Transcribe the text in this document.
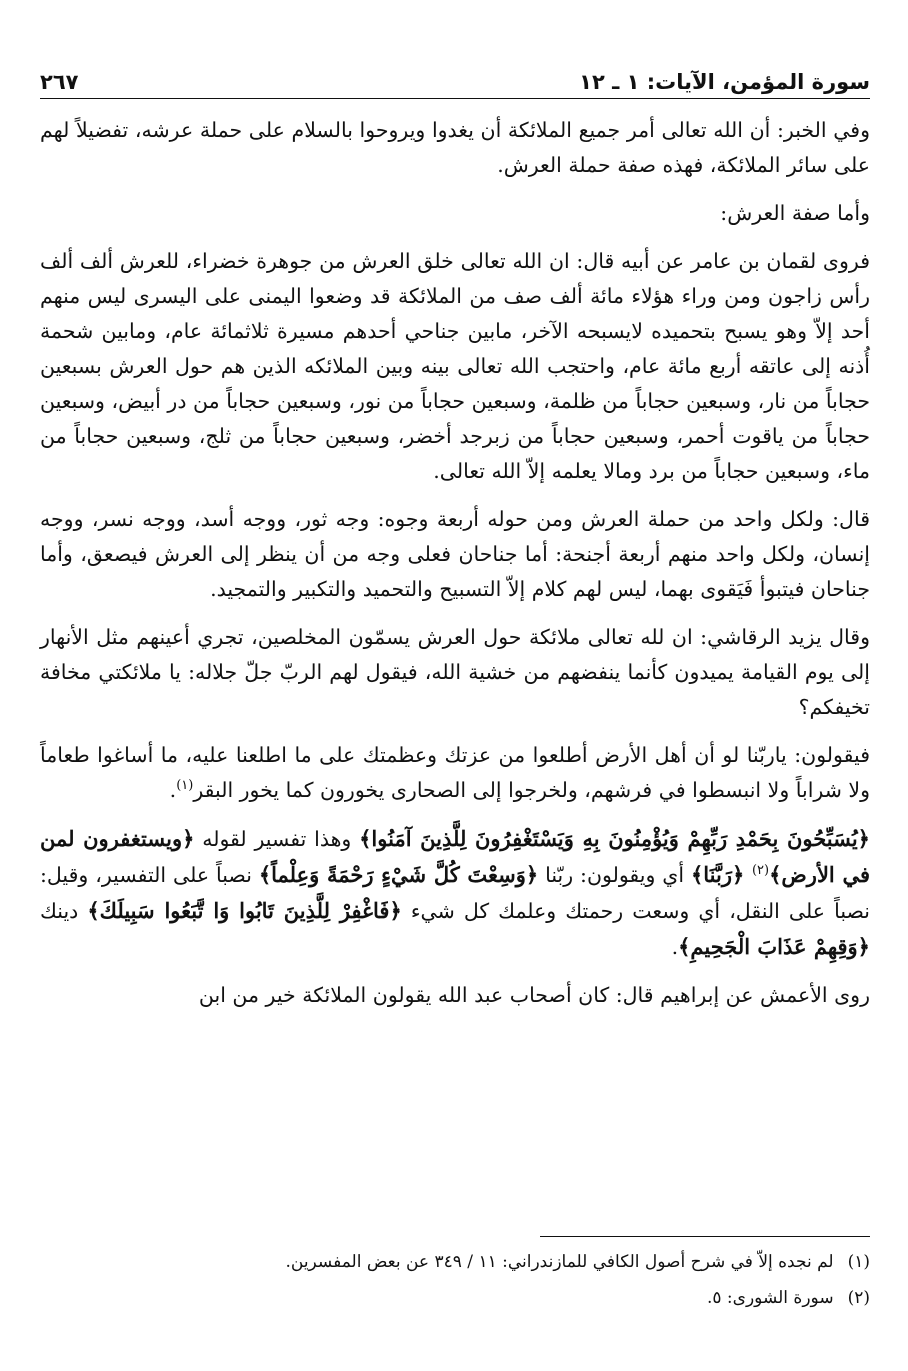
سورة المؤمن، الآيات: ١ ـ ١٢
٢٦٧

وفي الخبر: أن الله تعالى أمر جميع الملائكة أن يغدوا ويروحوا بالسلام على حملة عرشه، تفضيلاً لهم على سائر الملائكة، فهذه صفة حملة العرش.

وأما صفة العرش:

فروى لقمان بن عامر عن أبيه قال: ان الله تعالى خلق العرش من جوهرة خضراء، للعرش ألف ألف رأس زاجون ومن وراء هؤلاء مائة ألف صف من الملائكة قد وضعوا اليمنى على اليسرى ليس منهم أحد إلاّ وهو يسبح بتحميده لايسبحه الآخر، مابين جناحي أحدهم مسيرة ثلاثمائة عام، ومابين شحمة أُذنه إلى عاتقه أربع مائة عام، واحتجب الله تعالى بينه وبين الملائكه الذين هم حول العرش بسبعين حجاباً من نار، وسبعين حجاباً من ظلمة، وسبعين حجاباً من نور، وسبعين حجاباً من در أبيض، وسبعين حجاباً من ياقوت أحمر، وسبعين حجاباً من زبرجد أخضر، وسبعين حجاباً من ثلج، وسبعين حجاباً من ماء، وسبعين حجاباً من برد ومالا يعلمه إلاّ الله تعالى.

قال: ولكل واحد من حملة العرش ومن حوله أربعة وجوه: وجه ثور، ووجه أسد، ووجه نسر، ووجه إنسان، ولكل واحد منهم أربعة أجنحة: أما جناحان فعلى وجه من أن ينظر إلى العرش فيصعق، وأما جناحان فيتبوأ فَيَقوى بهما، ليس لهم كلام إلاّ التسبيح والتحميد والتكبير والتمجيد.

وقال يزيد الرقاشي: ان لله تعالى ملائكة حول العرش يسمّون المخلصين، تجري أعينهم مثل الأنهار إلى يوم القيامة يميدون كأنما ينفضهم من خشية الله، فيقول لهم الربّ جلّ جلاله: يا ملائكتي مخافة تخيفكم؟

فيقولون: ياربّنا لو أن أهل الأرض أطلعوا من عزتك وعظمتك على ما اطلعنا عليه، ما أساغوا طعاماً ولا شراباً ولا انبسطوا في فرشهم، ولخرجوا إلى الصحارى يخورون كما يخور البقر$^{(١)}$.

﴿يُسَبِّحُونَ بِحَمْدِ رَبِّهِمْ وَيُؤْمِنُونَ بِهِ وَيَسْتَغْفِرُونَ لِلَّذِينَ آمَنُوا﴾ وهذا تفسير لقوله ﴿ويستغفرون لمن في الأرض﴾$^{(٢)}$ ﴿رَبَّنَا﴾ أي ويقولون: ربّنا ﴿وَسِعْتَ كُلَّ شَيْءٍ رَحْمَةً وَعِلْماً﴾ نصباً على التفسير، وقيل: نصباً على النقل، أي وسعت رحمتك وعلمك كل شيء ﴿فَاغْفِرْ لِلَّذِينَ تَابُوا وَا تَّبَعُوا سَبِيلَكَ﴾ دينك ﴿وَقِهِمْ عَذَابَ الْجَحِيمِ﴾.

روى الأعمش عن إبراهيم قال: كان أصحاب عبد الله يقولون الملائكة خير من ابن

(١)لم نجده إلاّ في شرح أصول الكافي للمازندراني: ١١ / ٣٤٩ عن بعض المفسرين.

(٢)سورة الشورى: ٥.
